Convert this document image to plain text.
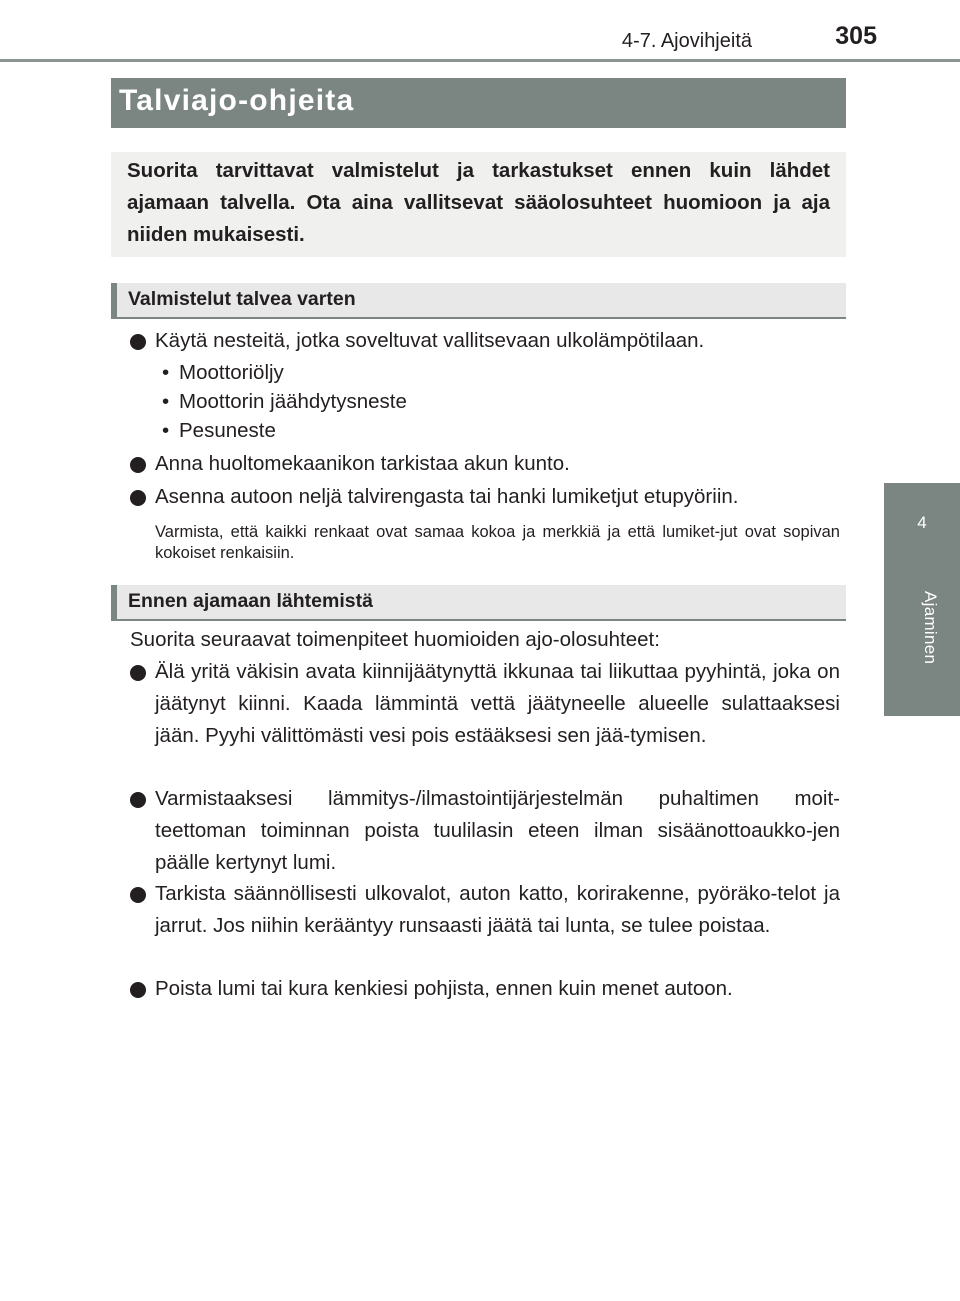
4-7. Ajovihjeitä	305
4
Ajaminen
Talviajo-ohjeita

Suorita tarvittavat valmistelut ja tarkastukset ennen kuin lähdet ajamaan talvella. Ota aina vallitsevat sääolosuhteet huomioon ja aja niiden mukaisesti.

Valmistelut talvea varten
Käytä nesteitä, jotka soveltuvat vallitsevaan ulkolämpötilaan.
• Moottoriöljy
• Moottorin jäähdytysneste
• Pesuneste
Anna huoltomekaanikon tarkistaa akun kunto.
Asenna autoon neljä talvirengasta tai hanki lumiketjut etupyöriin.
Varmista, että kaikki renkaat ovat samaa kokoa ja merkkiä ja että lumiket-jut ovat sopivan kokoiset renkaisiin.
Ennen ajamaan lähtemistä
Suorita seuraavat toimenpiteet huomioiden ajo-olosuhteet:
Älä yritä väkisin avata kiinnijäätynyttä ikkunaa tai liikuttaa pyyhintä, joka on jäätynyt kiinni. Kaada lämmintä vettä jäätyneelle alueelle sulattaaksesi jään. Pyyhi välittömästi vesi pois estääksesi sen jää-tymisen.
Varmistaaksesi lämmitys-/ilmastointijärjestelmän puhaltimen moit-teettoman toiminnan poista tuulilasin eteen ilman sisäänottoaukko-jen päälle kertynyt lumi.
Tarkista säännöllisesti ulkovalot, auton katto, korirakenne, pyöräko-telot ja jarrut. Jos niihin kerääntyy runsaasti jäätä tai lunta, se tulee poistaa.
Poista lumi tai kura kenkiesi pohjista, ennen kuin menet autoon.
